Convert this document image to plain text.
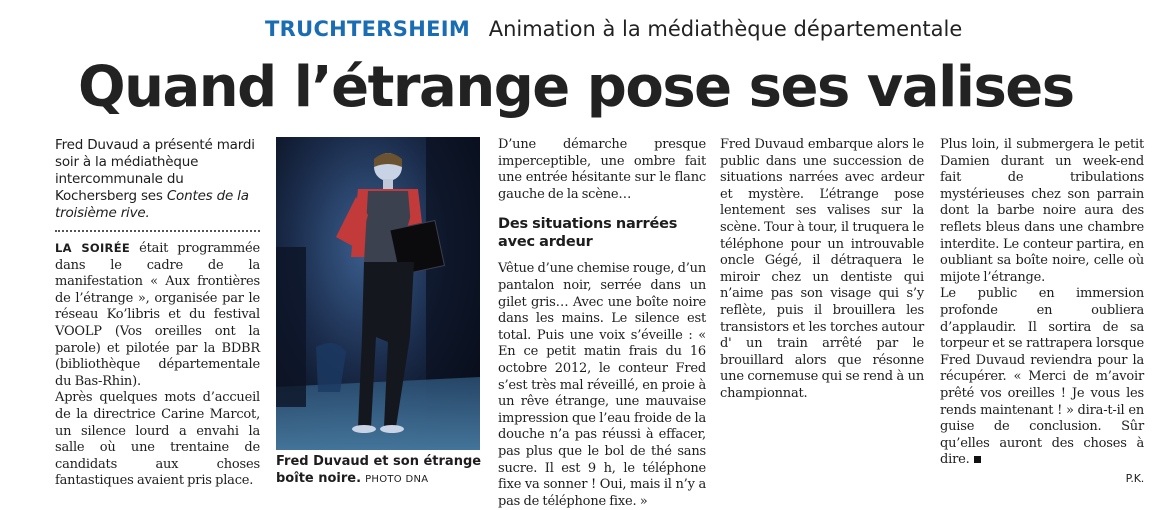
TRUCHTERSHEIM Animation à la médiathèque départementale
Quand l’étrange pose ses valises

Fred Duvaud a présenté mardi soir à la médiathèque intercommunale du Kochersberg ses Contes de la troisième rive.

LA SOIRÉE était programmée dans le cadre de la manifestation « Aux frontières de l’étrange », organisée par le réseau Ko’libris et du festival VOOLP (Vos oreilles ont la parole) et pilotée par la BDBR (bibliothèque départementale du Bas-Rhin).

Après quelques mots d’accueil de la directrice Carine Marcot, un silence lourd a envahi la salle où une trentaine de candidats aux choses fantastiques avaient pris place.

Fred Duvaud et son étrange boîte noire. PHOTO DNA

D’une démarche presque imperceptible, une ombre fait une entrée hésitante sur le flanc gauche de la scène…

Des situations narrées avec ardeur

Vêtue d’une chemise rouge, d’un pantalon noir, serrée dans un gilet gris… Avec une boîte noire dans les mains. Le silence est total. Puis une voix s’éveille : « En ce petit matin frais du 16 octobre 2012, le conteur Fred s’est très mal réveillé, en proie à un rêve étrange, une mauvaise impression que l’eau froide de la douche n’a pas réussi à effacer, pas plus que le bol de thé sans sucre. Il est 9 h, le téléphone fixe va sonner ! Oui, mais il n’y a pas de téléphone fixe. »

Fred Duvaud embarque alors le public dans une succession de situations narrées avec ardeur et mystère. L’étrange pose lentement ses valises sur la scène. Tour à tour, il truquera le téléphone pour un introuvable oncle Gégé, il détraquera le miroir chez un dentiste qui n’aime pas son visage qui s’y reflète, puis il brouillera les transistors et les torches autour d' un train arrêté par le brouillard alors que résonne une cornemuse qui se rend à un championnat.

Plus loin, il submergera le petit Damien durant un week-end fait de tribulations mystérieuses chez son parrain dont la barbe noire aura des reflets bleus dans une chambre interdite. Le conteur partira, en oubliant sa boîte noire, celle où mijote l’étrange.

Le public en immersion profonde en oubliera d’applaudir. Il sortira de sa torpeur et se rattrapera lorsque Fred Duvaud reviendra pour la récupérer. « Merci de m’avoir prêté vos oreilles ! Je vous les rends maintenant ! » dira-t-il en guise de conclusion. Sûr qu’elles auront des choses à dire.

P.K.
